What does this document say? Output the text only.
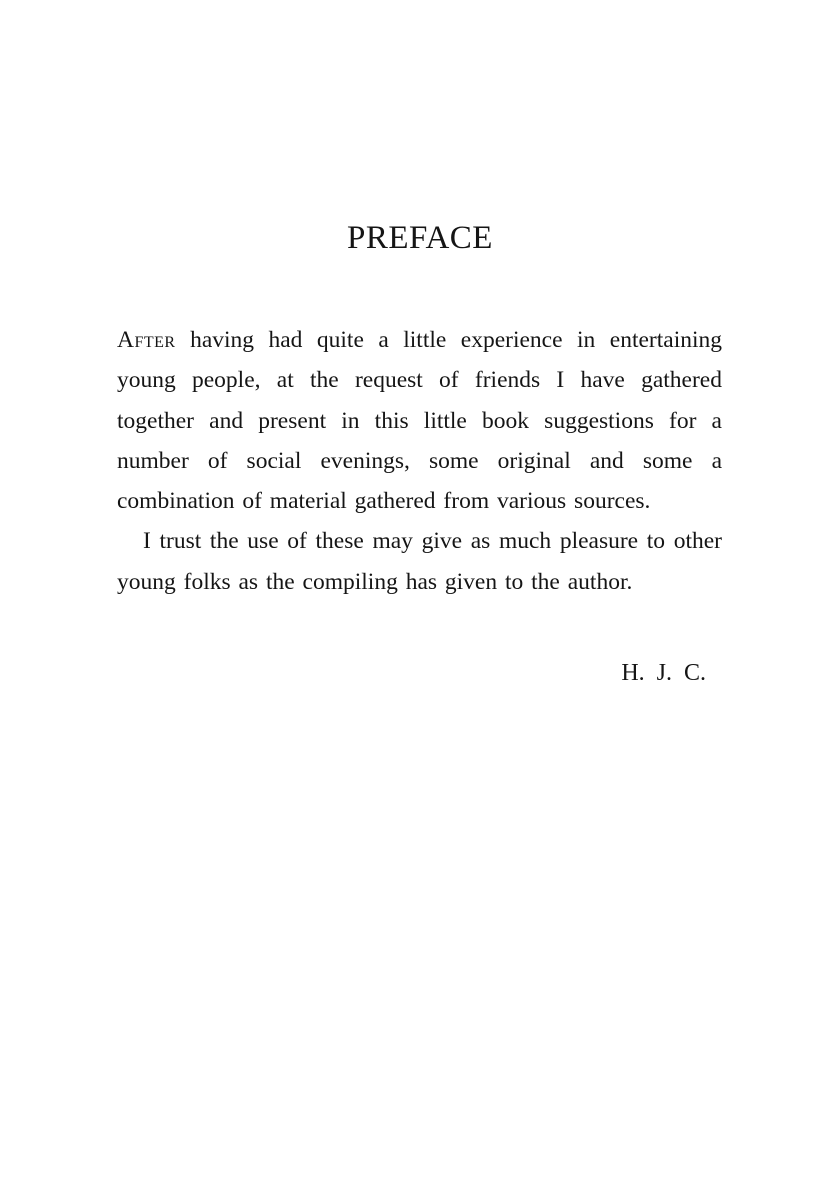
PREFACE

After having had quite a little experience in entertaining young people, at the request of friends I have gathered together and present in this little book suggestions for a number of social evenings, some original and some a combination of material gathered from various sources.

I trust the use of these may give as much pleasure to other young folks as the compiling has given to the author.

H. J. C.
